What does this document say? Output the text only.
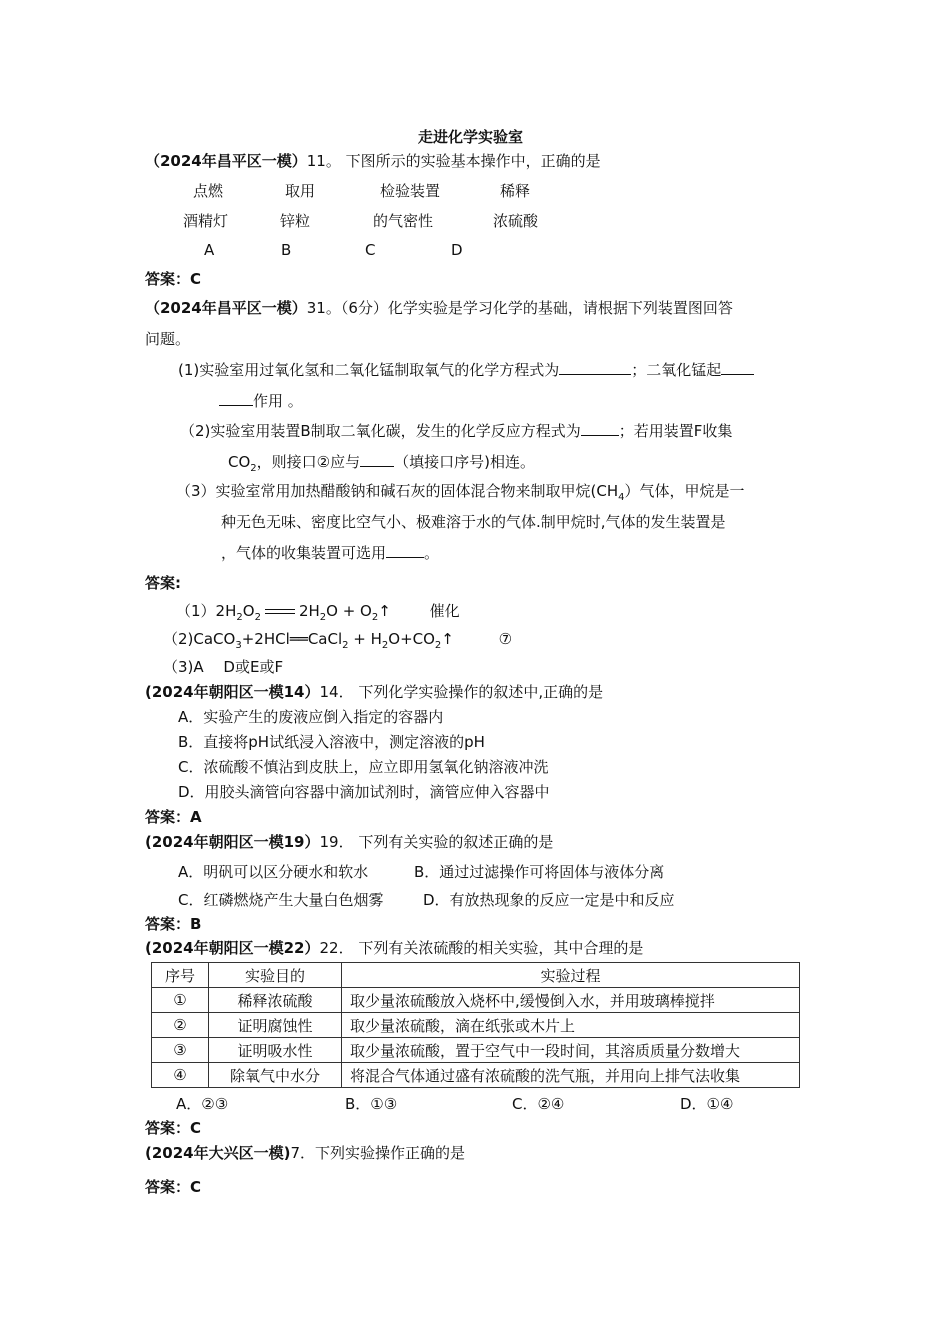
走进化学实验室
（2024年昌平区一模）11。 下图所示的实验基本操作中，正确的是
点燃	取用	检验装置	稀释
酒精灯	锌粒	的气密性	浓硫酸
A	B	C	D
答案：C
（2024年昌平区一模）31。（6分）化学实验是学习化学的基础，请根据下列装置图回答
问题。
(1)实验室用过氧化氢和二氧化锰制取氧气的化学方程式为	；二氧化锰起
作用 。
（2)实验室用装置B制取二氧化碳，发生的化学反应方程式为	；若用装置F收集
$CO_2$，则接口②应与 （填接口序号)相连。
（3）实验室常用加热醋酸钠和碱石灰的固体混合物来制取甲烷$(CH_4)$气体，甲烷是一
种无色无味、密度比空气小、极难溶于水的气体.制甲烷时,气体的发生装置是
，气体的收集装置可选用	。
答案:
$(1)2H_2O_2$	$2H_2O$ + $O_2↑$ 催化
（2)CaCO$_3$+2HCl══CaCl$_2$ + $H_2O+CO_2↑$	⑦
（3)A　 D或E或F
(2024年朝阳区一模14）14． 下列化学实验操作的叙述中,正确的是
A．实验产生的废液应倒入指定的容器内
B．直接将pH试纸浸入溶液中，测定溶液的pH
C．浓硫酸不慎沾到皮肤上，应立即用氢氧化钠溶液冲洗
D．用胶头滴管向容器中滴加试剂时，滴管应伸入容器中
答案：A
(2024年朝阳区一模19）19． 下列有关实验的叙述正确的是
A．明矾可以区分硬水和软水	B．通过过滤操作可将固体与液体分离
C．红磷燃烧产生大量白色烟雾	D．有放热现象的反应一定是中和反应
答案：B
(2024年朝阳区一模22）22． 下列有关浓硫酸的相关实验，其中合理的是
序号	实验目的	实验过程
①	稀释浓硫酸	取少量浓硫酸放入烧杯中,缓慢倒入水，并用玻璃棒搅拌
②	证明腐蚀性	取少量浓硫酸，滴在纸张或木片上
③	证明吸水性	取少量浓硫酸，置于空气中一段时间，其溶质质量分数增大
④	除氧气中水分	将混合气体通过盛有浓硫酸的洗气瓶，并用向上排气法收集
A．②③	B．①③	C．②④	D．①④
答案：C
(2024年大兴区一模)7．下列实验操作正确的是
答案：C
